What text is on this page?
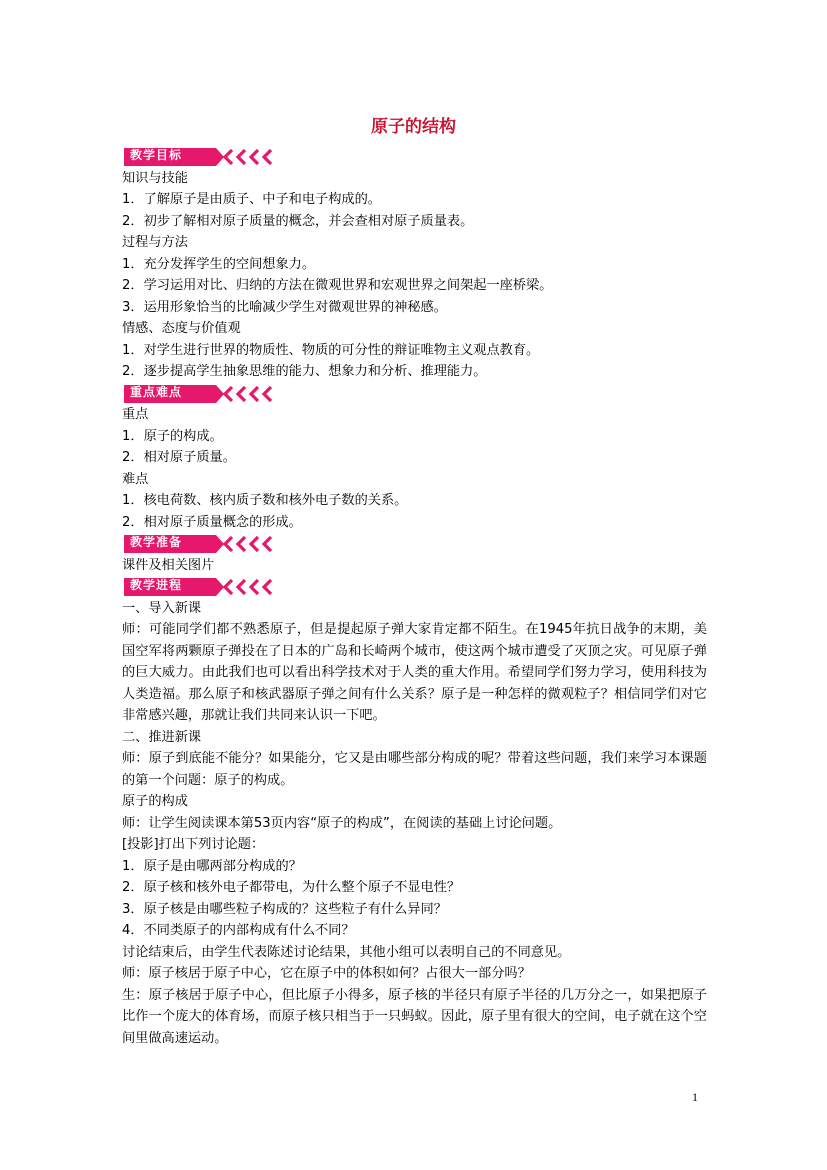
原子的结构
教学目标
知识与技能
1．了解原子是由质子、中子和电子构成的。
2．初步了解相对原子质量的概念，并会查相对原子质量表。
过程与方法
1．充分发挥学生的空间想象力。
2．学习运用对比、归纳的方法在微观世界和宏观世界之间架起一座桥梁。
3．运用形象恰当的比喻减少学生对微观世界的神秘感。
情感、态度与价值观
1．对学生进行世界的物质性、物质的可分性的辩证唯物主义观点教育。
2．逐步提高学生抽象思维的能力、想象力和分析、推理能力。
重点难点
重点
1．原子的构成。
2．相对原子质量。
难点
1．核电荷数、核内质子数和核外电子数的关系。
2．相对原子质量概念的形成。
教学准备
课件及相关图片
教学进程
一、导入新课
师：可能同学们都不熟悉原子，但是提起原子弹大家肯定都不陌生。在1945年抗日战争的末期，美国空军将两颗原子弹投在了日本的广岛和长崎两个城市，使这两个城市遭受了灭顶之灾。可见原子弹的巨大威力。由此我们也可以看出科学技术对于人类的重大作用。希望同学们努力学习，使用科技为人类造福。那么原子和核武器原子弹之间有什么关系？原子是一种怎样的微观粒子？相信同学们对它非常感兴趣，那就让我们共同来认识一下吧。
二、推进新课
师：原子到底能不能分？如果能分，它又是由哪些部分构成的呢？带着这些问题，我们来学习本课题的第一个问题：原子的构成。
原子的构成
师：让学生阅读课本第53页内容“原子的构成”，在阅读的基础上讨论问题。
[投影]打出下列讨论题：
1．原子是由哪两部分构成的？
2．原子核和核外电子都带电，为什么整个原子不显电性？
3．原子核是由哪些粒子构成的？这些粒子有什么异同？
4．不同类原子的内部构成有什么不同？
讨论结束后，由学生代表陈述讨论结果，其他小组可以表明自己的不同意见。
师：原子核居于原子中心，它在原子中的体积如何？占很大一部分吗？
生：原子核居于原子中心，但比原子小得多，原子核的半径只有原子半径的几万分之一，如果把原子比作一个庞大的体育场，而原子核只相当于一只蚂蚁。因此，原子里有很大的空间，电子就在这个空间里做高速运动。
1
